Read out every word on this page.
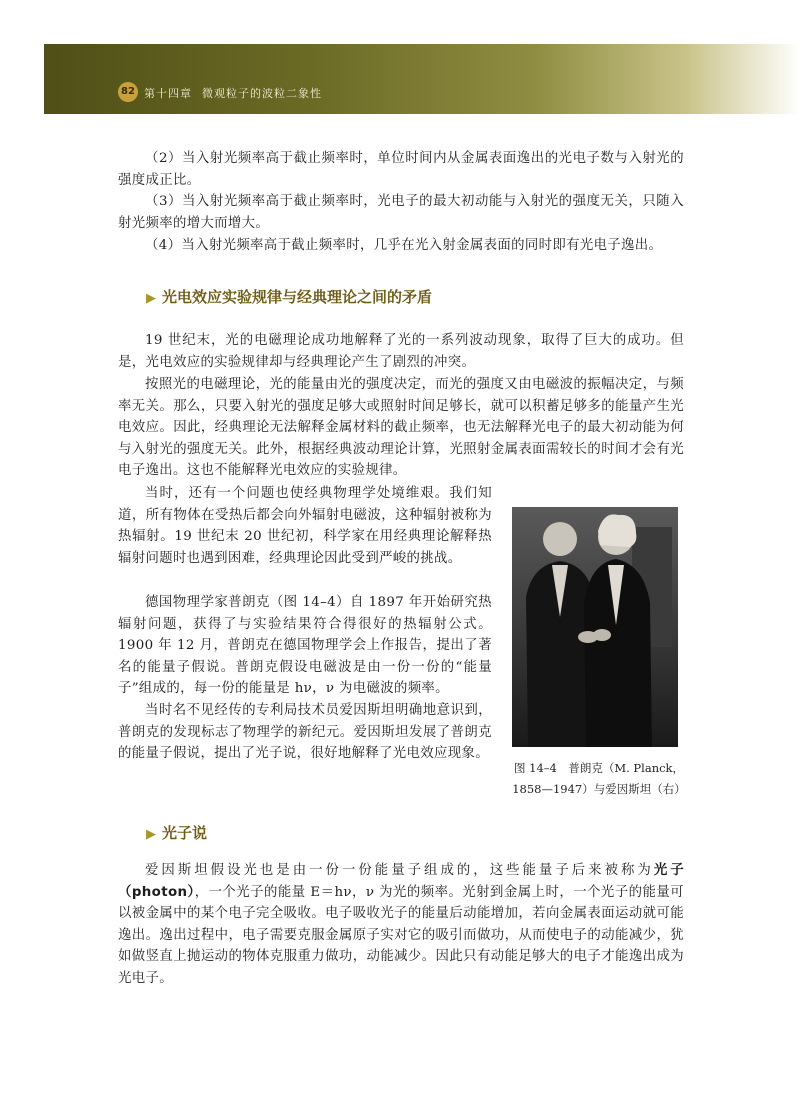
82 第十四章 微观粒子的波粒二象性

（2）当入射光频率高于截止频率时，单位时间内从金属表面逸出的光电子数与入射光的强度成正比。

（3）当入射光频率高于截止频率时，光电子的最大初动能与入射光的强度无关，只随入射光频率的增大而增大。

（4）当入射光频率高于截止频率时，几乎在光入射金属表面的同时即有光电子逸出。

▶ 光电效应实验规律与经典理论之间的矛盾

19 世纪末，光的电磁理论成功地解释了光的一系列波动现象，取得了巨大的成功。但是，光电效应的实验规律却与经典理论产生了剧烈的冲突。

按照光的电磁理论，光的能量由光的强度决定，而光的强度又由电磁波的振幅决定，与频率无关。那么，只要入射光的强度足够大或照射时间足够长，就可以积蓄足够多的能量产生光电效应。因此，经典理论无法解释金属材料的截止频率，也无法解释光电子的最大初动能为何与入射光的强度无关。此外，根据经典波动理论计算，光照射金属表面需较长的时间才会有光电子逸出。这也不能解释光电效应的实验规律。

当时，还有一个问题也使经典物理学处境维艰。我们知道，所有物体在受热后都会向外辐射电磁波，这种辐射被称为热辐射。19 世纪末 20 世纪初，科学家在用经典理论解释热辐射问题时也遇到困难，经典理论因此受到严峻的挑战。

德国物理学家普朗克（图 14–4）自 1897 年开始研究热辐射问题，获得了与实验结果符合得很好的热辐射公式。1900 年 12 月，普朗克在德国物理学会上作报告，提出了著名的能量子假说。普朗克假设电磁波是由一份一份的“能量子”组成的，每一份的能量是 hν，ν 为电磁波的频率。

当时名不见经传的专利局技术员爱因斯坦明确地意识到，普朗克的发现标志了物理学的新纪元。爱因斯坦发展了普朗克的能量子假说，提出了光子说，很好地解释了光电效应现象。

图 14–4　普朗克（M. Planck，
1858—1947）与爱因斯坦（右）
▶ 光子说

爱因斯坦假设光也是由一份一份能量子组成的，这些能量子后来被称为光子（photon），一个光子的能量 E＝hν，ν 为光的频率。光射到金属上时，一个光子的能量可以被金属中的某个电子完全吸收。电子吸收光子的能量后动能增加，若向金属表面运动就可能逸出。逸出过程中，电子需要克服金属原子实对它的吸引而做功，从而使电子的动能减少，犹如做竖直上抛运动的物体克服重力做功，动能减少。因此只有动能足够大的电子才能逸出成为光电子。
